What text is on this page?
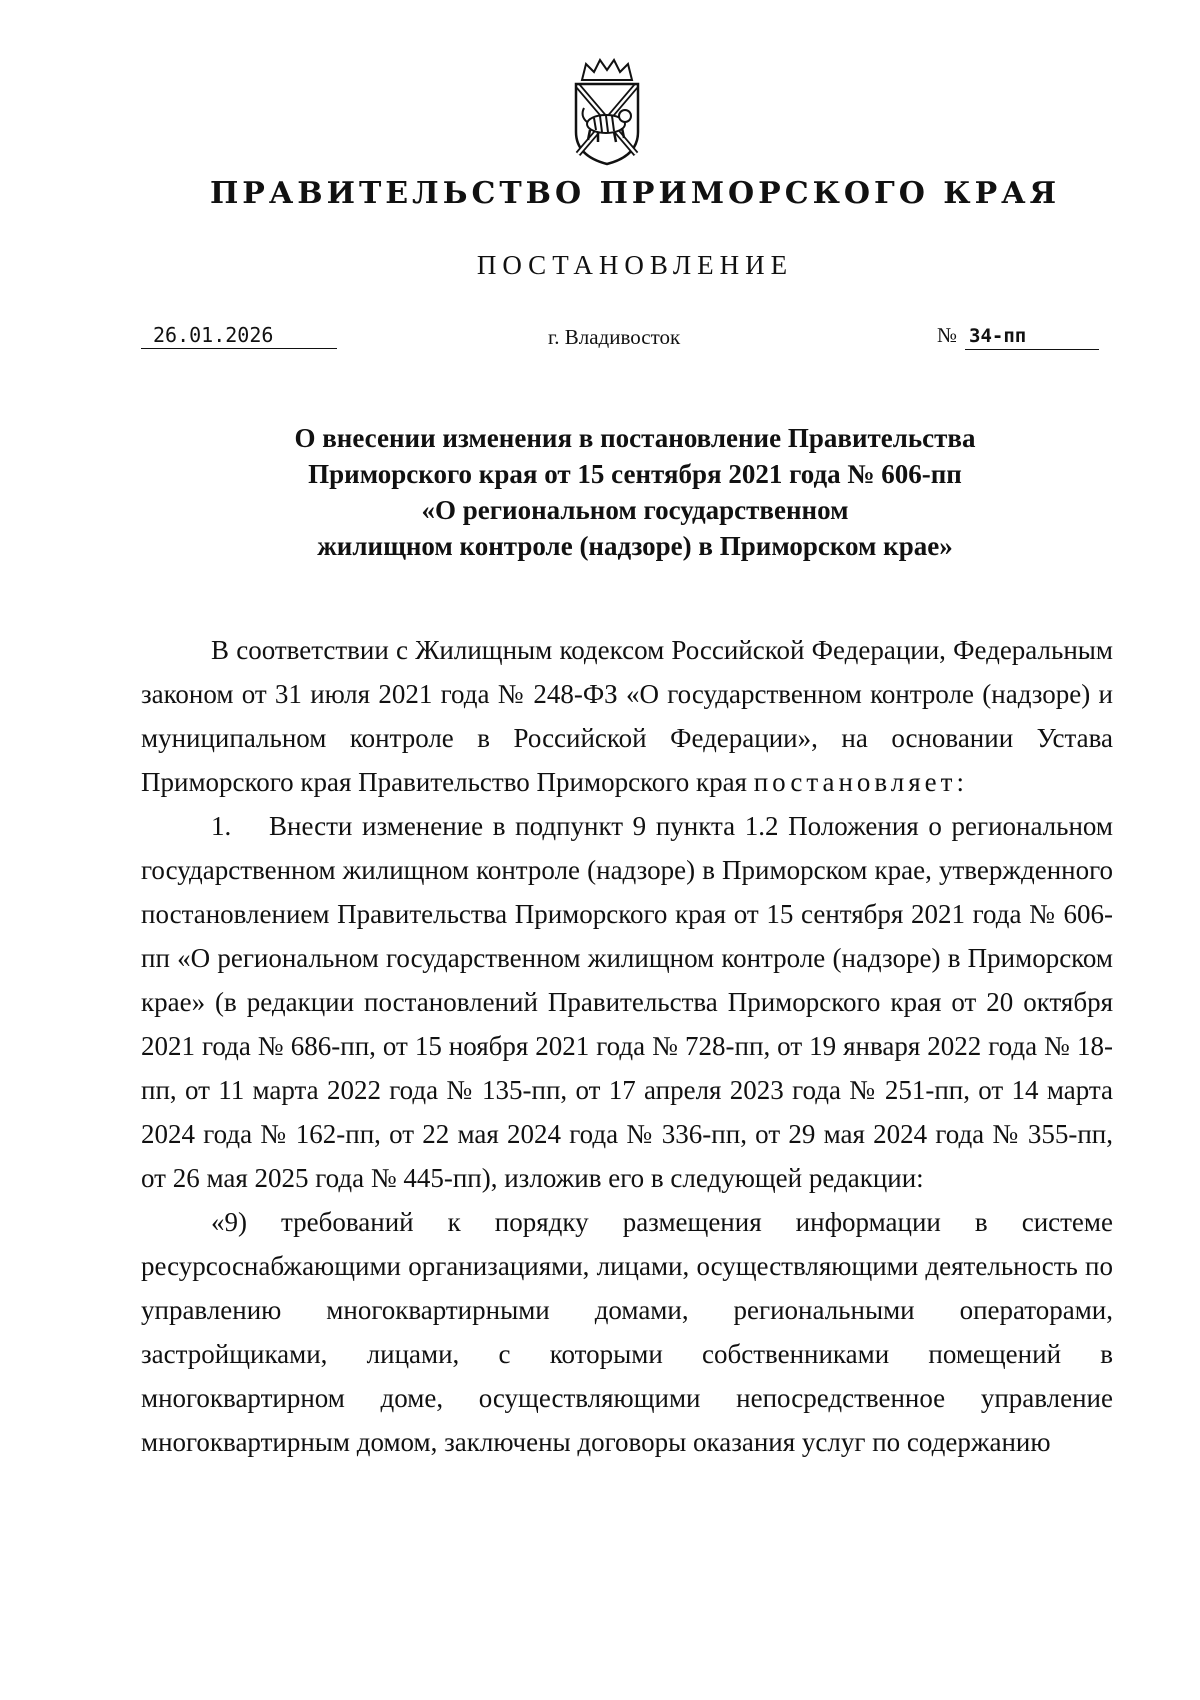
ПРАВИТЕЛЬСТВО ПРИМОРСКОГО КРАЯ
ПОСТАНОВЛЕНИЕ
26.01.2026	г. Владивосток	№ 34-пп
О внесении изменения в постановление Правительства
Приморского края от 15 сентября 2021 года № 606-пп
«О региональном государственном
жилищном контроле (надзоре) в Приморском крае»

В соответствии с Жилищным кодексом Российской Федерации, Федеральным законом от 31 июля 2021 года № 248-ФЗ «О государственном контроле (надзоре) и муниципальном контроле в Российской Федерации», на основании Устава Приморского края Правительство Приморского края постановляет:

1. Внести изменение в подпункт 9 пункта 1.2 Положения о региональном государственном жилищном контроле (надзоре) в Приморском крае, утвержденного постановлением Правительства Приморского края от 15 сентября 2021 года № 606-пп «О региональном государственном жилищном контроле (надзоре) в Приморском крае» (в редакции постановлений Правительства Приморского края от 20 октября 2021 года № 686-пп, от 15 ноября 2021 года № 728-пп, от 19 января 2022 года № 18-пп, от 11 марта 2022 года № 135-пп, от 17 апреля 2023 года № 251-пп, от 14 марта 2024 года № 162-пп, от 22 мая 2024 года № 336-пп, от 29 мая 2024 года № 355-пп, от 26 мая 2025 года № 445-пп), изложив его в следующей редакции:

«9) требований к порядку размещения информации в системе ресурсоснабжающими организациями, лицами, осуществляющими деятельность по управлению многоквартирными домами, региональными операторами, застройщиками, лицами, с которыми собственниками помещений в многоквартирном доме, осуществляющими непосредственное управление многоквартирным домом, заключены договоры оказания услуг по содержанию
